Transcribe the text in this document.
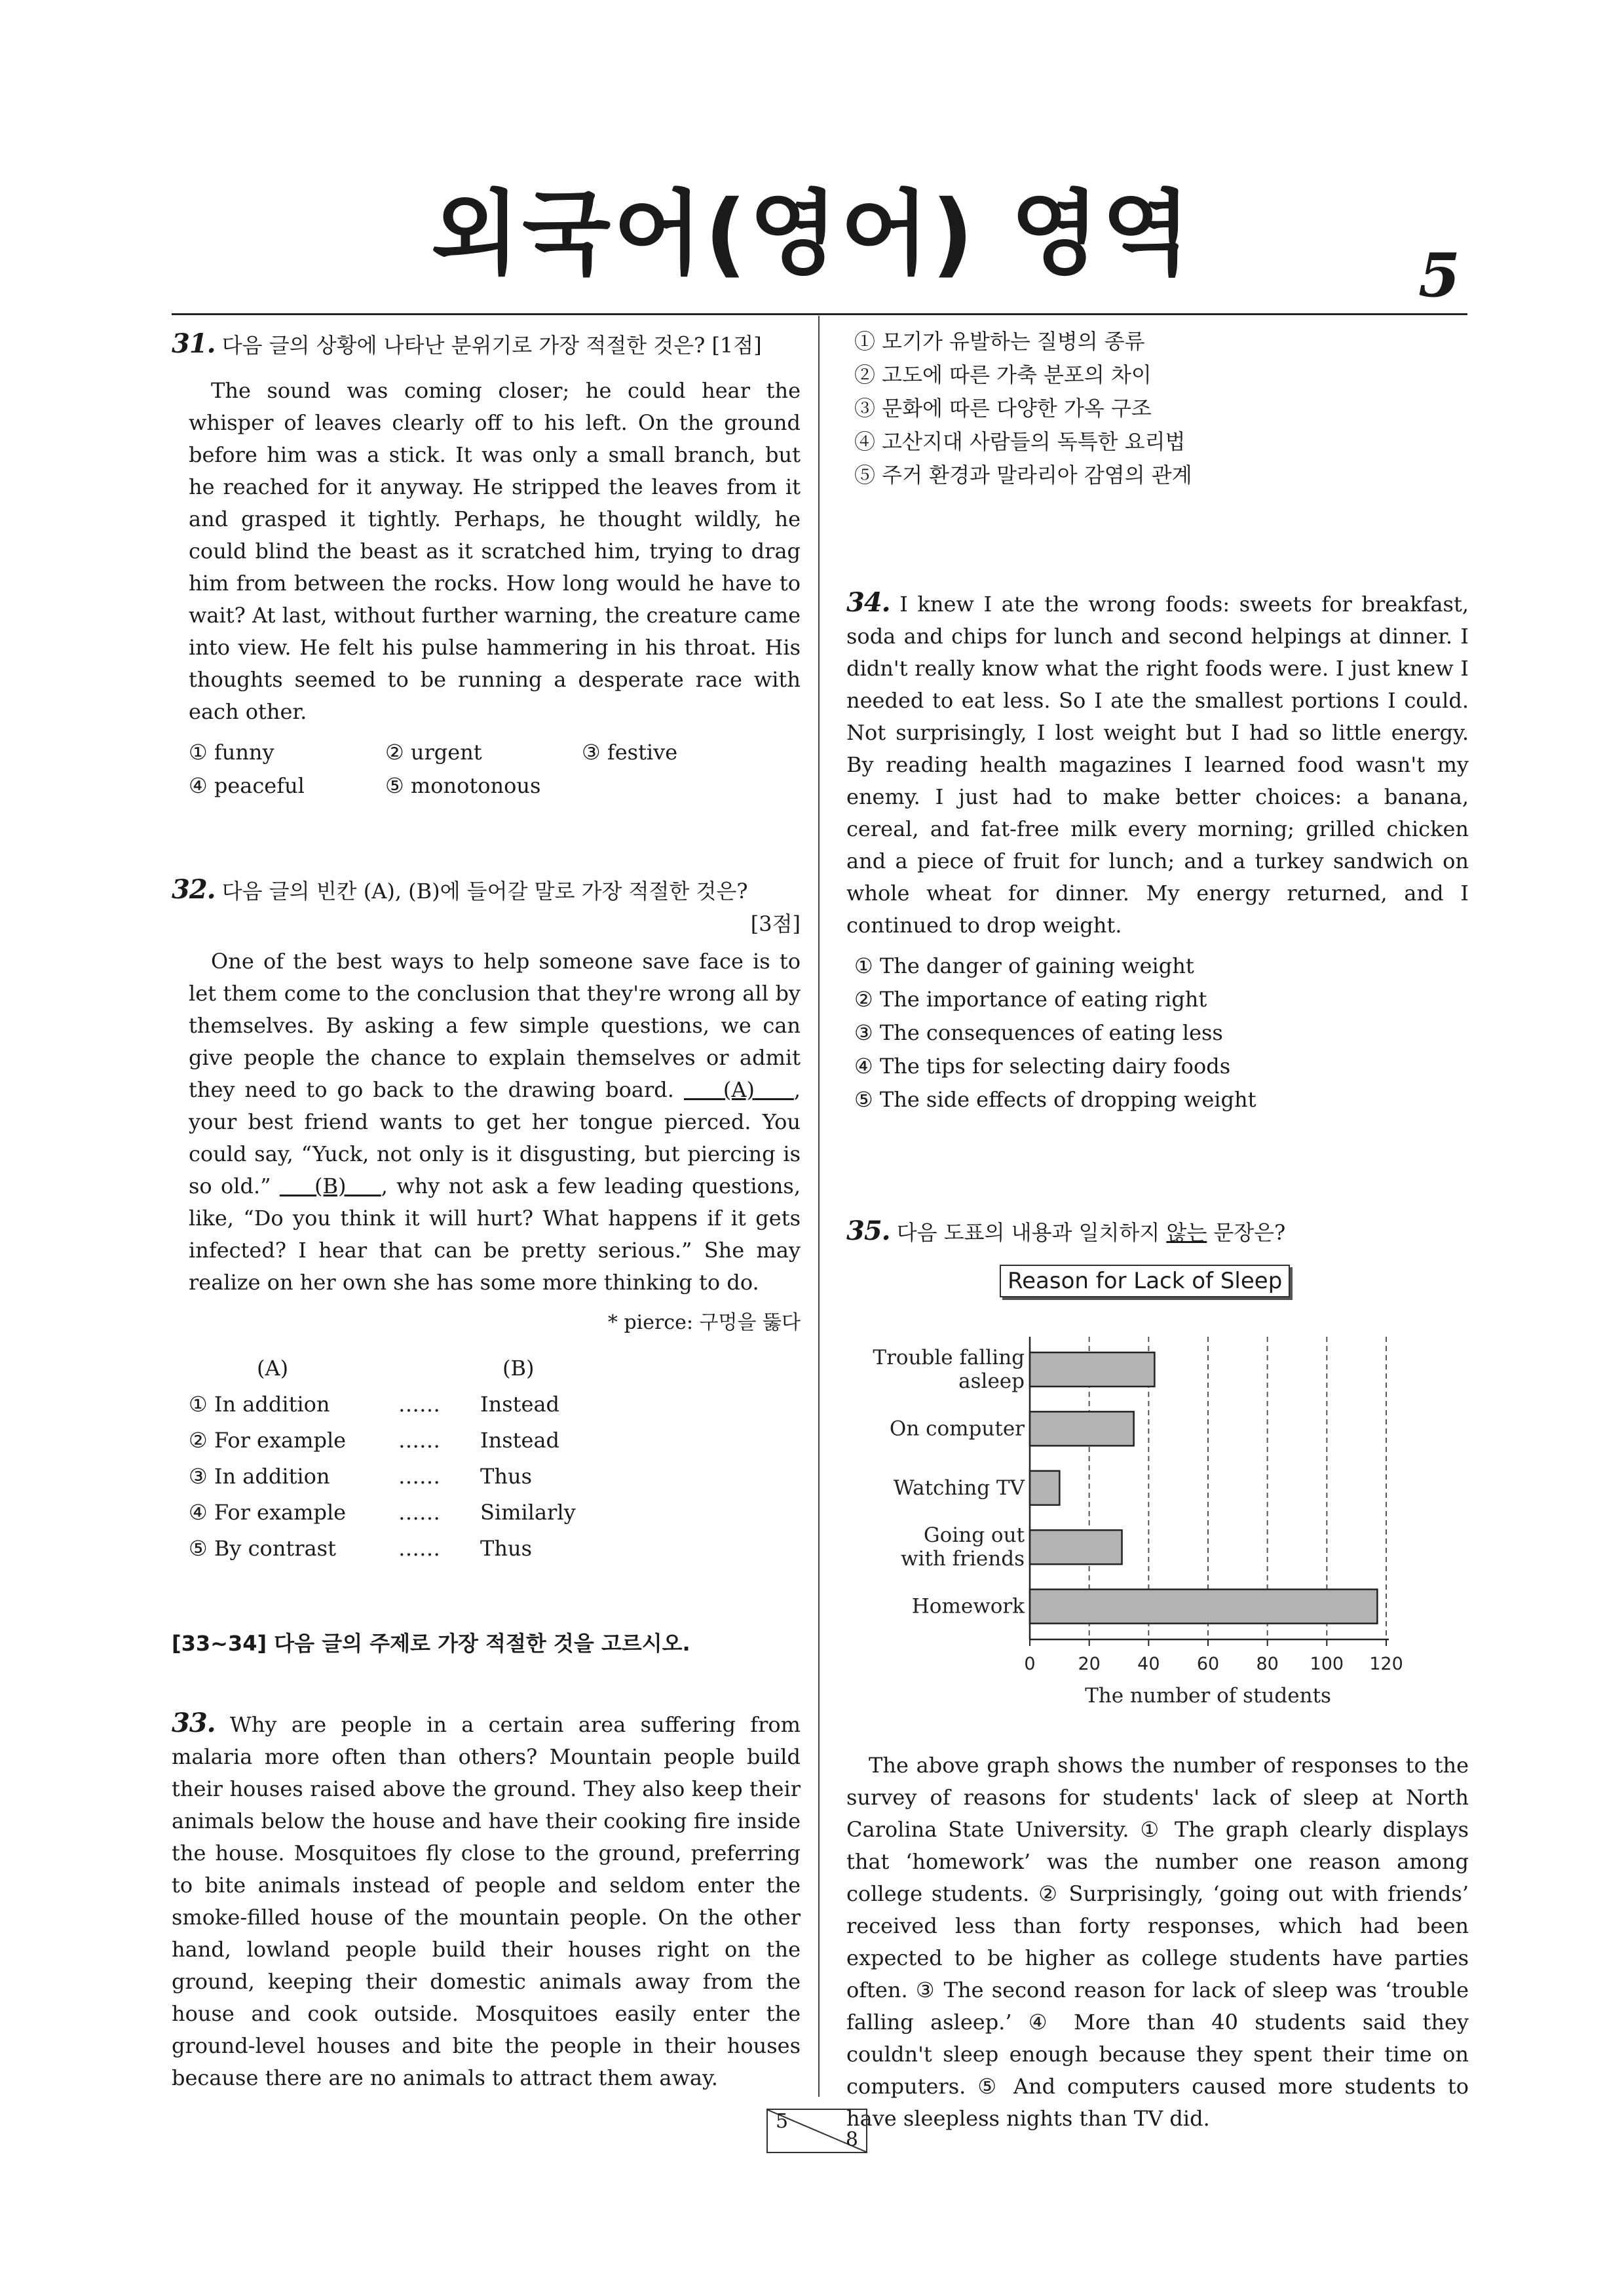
외국어(영어) 영역	5
31. 다음 글의 상황에 나타난 분위기로 가장 적절한 것은? [1점]
The sound was coming closer; he could hear the whisper of leaves clearly off to his left. On the ground before him was a stick. It was only a small branch, but he reached for it anyway. He stripped the leaves from it and grasped it tightly. Perhaps, he thought wildly, he could blind the beast as it scratched him, trying to drag him from between the rocks. How long would he have to wait? At last, without further warning, the creature came into view. He felt his pulse hammering in his throat. His thoughts seemed to be running a desperate race with each other.
① funny	② urgent	③ festive
④ peaceful	⑤ monotonous
32. 다음 글의 빈칸 (A), (B)에 들어갈 말로 가장 적절한 것은?
[3점]
One of the best ways to help someone save face is to let them come to the conclusion that they're wrong all by themselves. By asking a few simple questions, we can give people the chance to explain themselves or admit they need to go back to the drawing board. (A) , your best friend wants to get her tongue pierced. You could say, “Yuck, not only is it disgusting, but piercing is so old.” (B) , why not ask a few leading questions, like, “Do you think it will hurt? What happens if it gets infected? I hear that can be pretty serious.” She may realize on her own she has some more thinking to do.
* pierce: 구멍을 뚫다
(A)	(B)
① In addition	……	Instead
② For example	……	Instead
③ In addition	……	Thus
④ For example	……	Similarly
⑤ By contrast	……	Thus
[33~34] 다음 글의 주제로 가장 적절한 것을 고르시오.
33. Why are people in a certain area suffering from malaria more often than others? Mountain people build their houses raised above the ground. They also keep their animals below the house and have their cooking fire inside the house. Mosquitoes fly close to the ground, preferring to bite animals instead of people and seldom enter the smoke-filled house of the mountain people. On the other hand, lowland people build their houses right on the ground, keeping their domestic animals away from the house and cook outside. Mosquitoes easily enter the ground-level houses and bite the people in their houses because there are no animals to attract them away.
① 모기가 유발하는 질병의 종류
② 고도에 따른 가축 분포의 차이
③ 문화에 따른 다양한 가옥 구조
④ 고산지대 사람들의 독특한 요리법
⑤ 주거 환경과 말라리아 감염의 관계
34. I knew I ate the wrong foods: sweets for breakfast, soda and chips for lunch and second helpings at dinner. I didn't really know what the right foods were. I just knew I needed to eat less. So I ate the smallest portions I could. Not surprisingly, I lost weight but I had so little energy. By reading health magazines I learned food wasn't my enemy. I just had to make better choices: a banana, cereal, and fat-free milk every morning; grilled chicken and a piece of fruit for lunch; and a turkey sandwich on whole wheat for dinner. My energy returned, and I continued to drop weight.
① The danger of gaining weight
② The importance of eating right
③ The consequences of eating less
④ The tips for selecting dairy foods
⑤ The side effects of dropping weight
35. 다음 도표의 내용과 일치하지 않는 문장은?
Reason for Lack of Sleep
0 20 40 60 80 100 120
The number of students
Trouble falling
asleep
On computer
Watching TV
Going out
with friends
Homework
The above graph shows the number of responses to the survey of reasons for students' lack of sleep at North Carolina State University. ① The graph clearly displays that ‘homework’ was the number one reason among college students. ② Surprisingly, ‘going out with friends’ received less than forty responses, which had been expected to be higher as college students have parties often. ③ The second reason for lack of sleep was ‘trouble falling asleep.’ ④ More than 40 students said they couldn't sleep enough because they spent their time on computers. ⑤ And computers caused more students to have sleepless nights than TV did.
5
8
